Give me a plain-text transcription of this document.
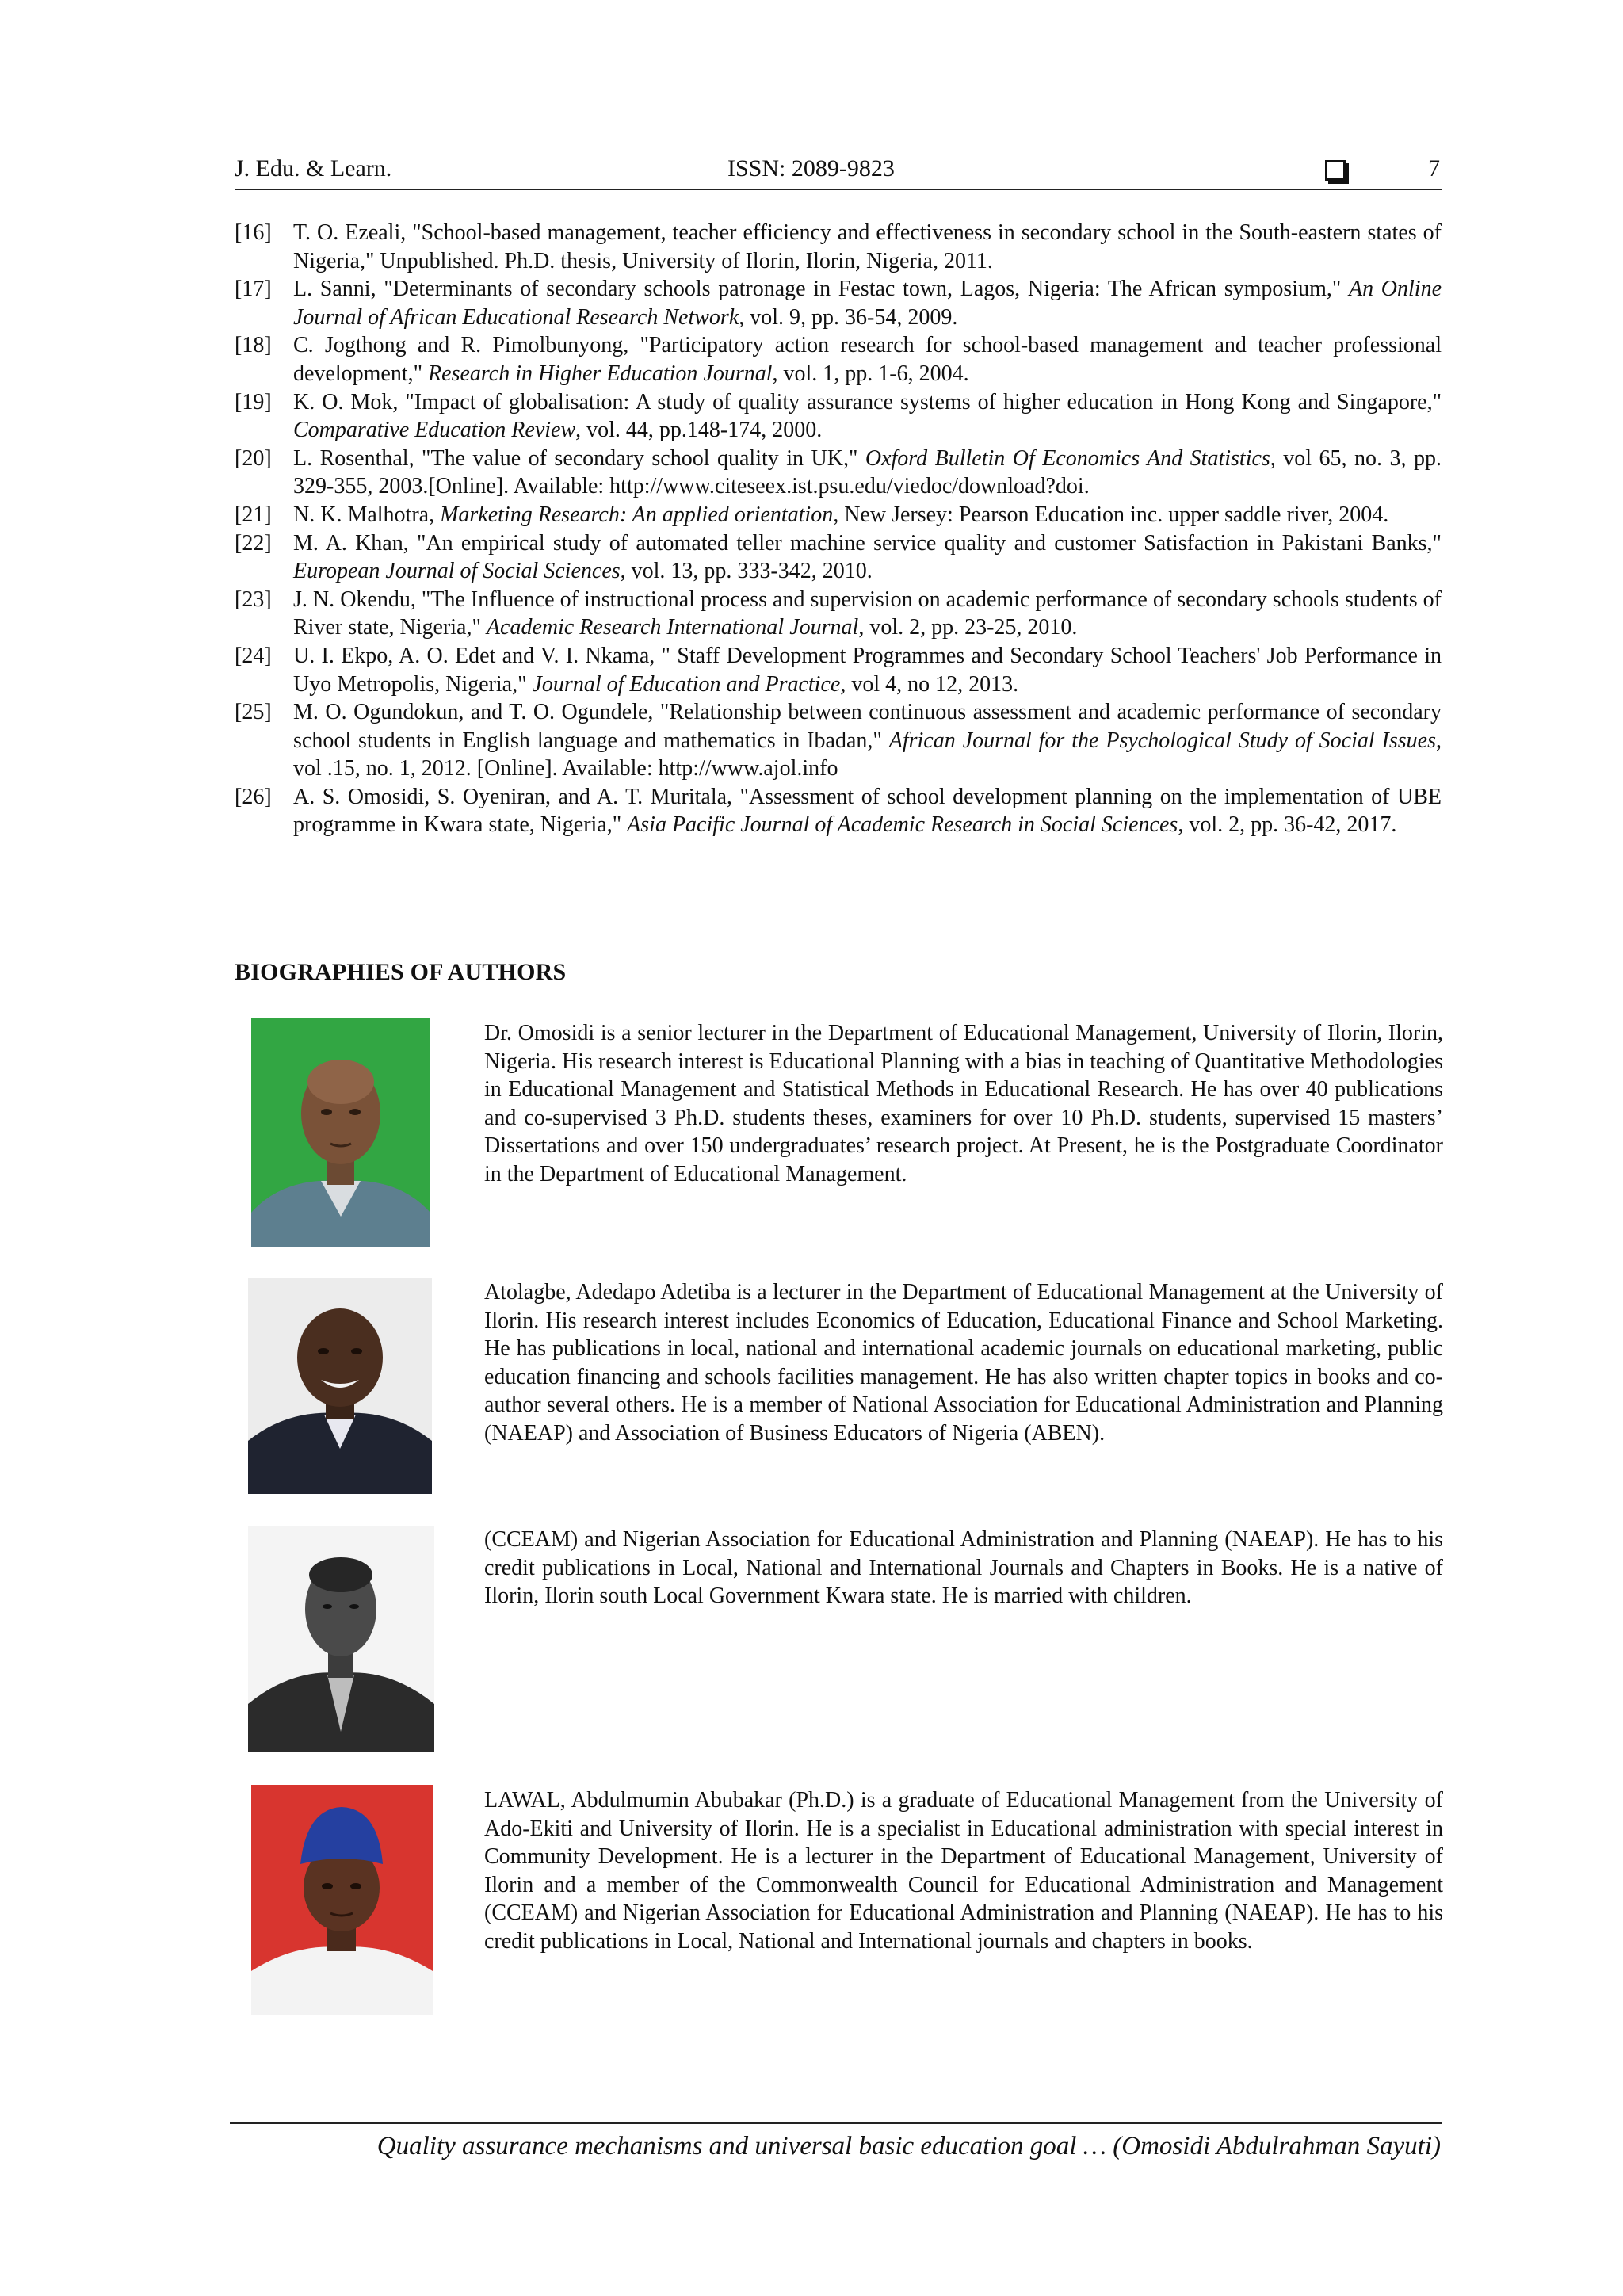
J. Edu. & Learn.	ISSN: 2089-9823	7
[16] T. O. Ezeali, "School-based management, teacher efficiency and effectiveness in secondary school in the South-eastern states of Nigeria," Unpublished. Ph.D. thesis, University of Ilorin, Ilorin, Nigeria, 2011.
[17] L. Sanni, "Determinants of secondary schools patronage in Festac town, Lagos, Nigeria: The African symposium," An Online Journal of African Educational Research Network, vol. 9, pp. 36-54, 2009.
[18] C. Jogthong and R. Pimolbunyong, "Participatory action research for school-based management and teacher professional development," Research in Higher Education Journal, vol. 1, pp. 1-6, 2004.
[19] K. O. Mok, "Impact of globalisation: A study of quality assurance systems of higher education in Hong Kong and Singapore," Comparative Education Review, vol. 44, pp.148-174, 2000.
[20] L. Rosenthal, "The value of secondary school quality in UK," Oxford Bulletin Of Economics And Statistics, vol 65, no. 3, pp. 329-355, 2003.[Online]. Available: http://www.citeseex.ist.psu.edu/viedoc/download?doi.
[21] N. K. Malhotra, Marketing Research: An applied orientation, New Jersey: Pearson Education inc. upper saddle river, 2004.
[22] M. A. Khan, "An empirical study of automated teller machine service quality and customer Satisfaction in Pakistani Banks," European Journal of Social Sciences, vol. 13, pp. 333-342, 2010.
[23] J. N. Okendu, "The Influence of instructional process and supervision on academic performance of secondary schools students of River state, Nigeria," Academic Research International Journal, vol. 2, pp. 23-25, 2010.
[24] U. I. Ekpo, A. O. Edet and V. I. Nkama, " Staff Development Programmes and Secondary School Teachers' Job Performance in Uyo Metropolis, Nigeria," Journal of Education and Practice, vol 4, no 12, 2013.
[25] M. O. Ogundokun, and T. O. Ogundele, "Relationship between continuous assessment and academic performance of secondary school students in English language and mathematics in Ibadan," African Journal for the Psychological Study of Social Issues, vol .15, no. 1, 2012. [Online]. Available: http://www.ajol.info
[26] A. S. Omosidi, S. Oyeniran, and A. T. Muritala, "Assessment of school development planning on the implementation of UBE programme in Kwara state, Nigeria," Asia Pacific Journal of Academic Research in Social Sciences, vol. 2, pp. 36-42, 2017.
BIOGRAPHIES OF AUTHORS
Dr. Omosidi is a senior lecturer in the Department of Educational Management, University of Ilorin, Ilorin, Nigeria. His research interest is Educational Planning with a bias in teaching of Quantitative Methodologies in Educational Management and Statistical Methods in Educational Research. He has over 40 publications and co-supervised 3 Ph.D. students theses, examiners for over 10 Ph.D. students, supervised 15 masters’ Dissertations and over 150 undergraduates’ research project. At Present, he is the Postgraduate Coordinator in the Department of Educational Management.
Atolagbe, Adedapo Adetiba is a lecturer in the Department of Educational Management at the University of Ilorin. His research interest includes Economics of Education, Educational Finance and School Marketing. He has publications in local, national and international academic journals on educational marketing, public education financing and schools facilities management. He has also written chapter topics in books and co-author several others. He is a member of National Association for Educational Administration and Planning (NAEAP) and Association of Business Educators of Nigeria (ABEN).
(CCEAM) and Nigerian Association for Educational Administration and Planning (NAEAP). He has to his credit publications in Local, National and International Journals and Chapters in Books. He is a native of Ilorin, Ilorin south Local Government Kwara state. He is married with children.
LAWAL, Abdulmumin Abubakar (Ph.D.) is a graduate of Educational Management from the University of Ado-Ekiti and University of Ilorin. He is a specialist in Educational administration with special interest in Community Development. He is a lecturer in the Department of Educational Management, University of Ilorin and a member of the Commonwealth Council for Educational Administration and Management (CCEAM) and Nigerian Association for Educational Administration and Planning (NAEAP). He has to his credit publications in Local, National and International journals and chapters in books.
Quality assurance mechanisms and universal basic education goal … (Omosidi Abdulrahman Sayuti)
